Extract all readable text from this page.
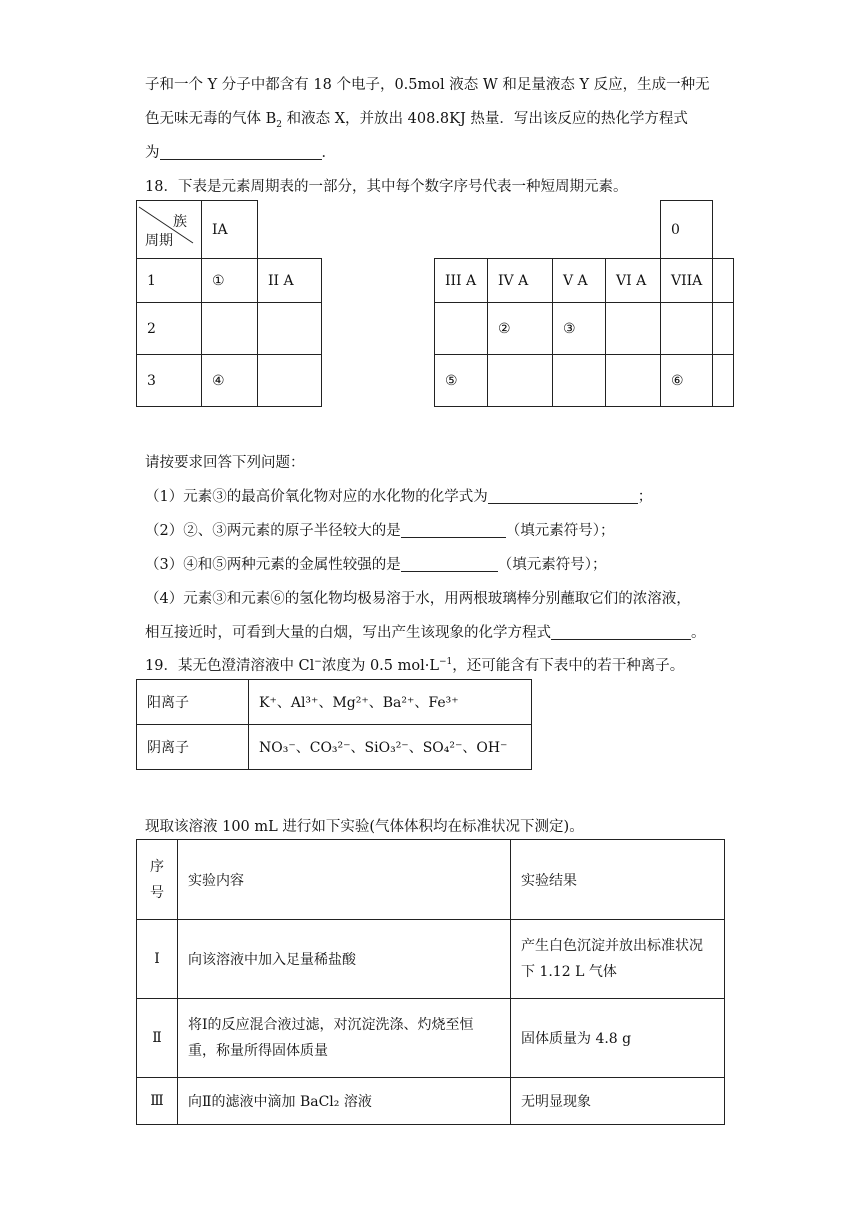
子和一个 Y 分子中都含有 18 个电子，0.5mol 液态 W 和足量液态 Y 反应，生成一种无
色无味无毒的气体 $B_2$ 和液态 X，并放出 408.8KJ 热量．写出该反应的热化学方程式
为	．
18．下表是元素周期表的一部分，其中每个数字序号代表一种短周期元素。
族
周期	IA							0	
1	①	II A		III A	IV A	V A	VI A	VIIA	
2					②	③			
3	④			⑤				⑥	
请按要求回答下列问题：
（1）元素③的最高价氧化物对应的水化物的化学式为	；
（2）②、③两元素的原子半径较大的是	（填元素符号）；
（3）④和⑤两种元素的金属性较强的是	（填元素符号）；
（4）元素③和元素⑥的氢化物均极易溶于水，用两根玻璃棒分别蘸取它们的浓溶液，
相互接近时，可看到大量的白烟，写出产生该现象的化学方程式	。
19．某无色澄清溶液中 Cl−浓度为 0.5 $mol\cdot L^{-1}$，还可能含有下表中的若干种离子。
阳离子	K⁺、Al³⁺、Mg²⁺、Ba²⁺、Fe³⁺
阴离子	NO₃⁻、CO₃²⁻、SiO₃²⁻、SO₄²⁻、OH⁻
现取该溶液 100 mL 进行如下实验(气体体积均在标准状况下测定)。
序号	实验内容	实验结果
Ⅰ	向该溶液中加入足量稀盐酸	产生白色沉淀并放出标准状况下 1.12 L 气体
Ⅱ	将Ⅰ的反应混合液过滤，对沉淀洗涤、灼烧至恒重，称量所得固体质量	固体质量为 4.8 g
Ⅲ	向Ⅱ的滤液中滴加 BaCl₂ 溶液	无明显现象
